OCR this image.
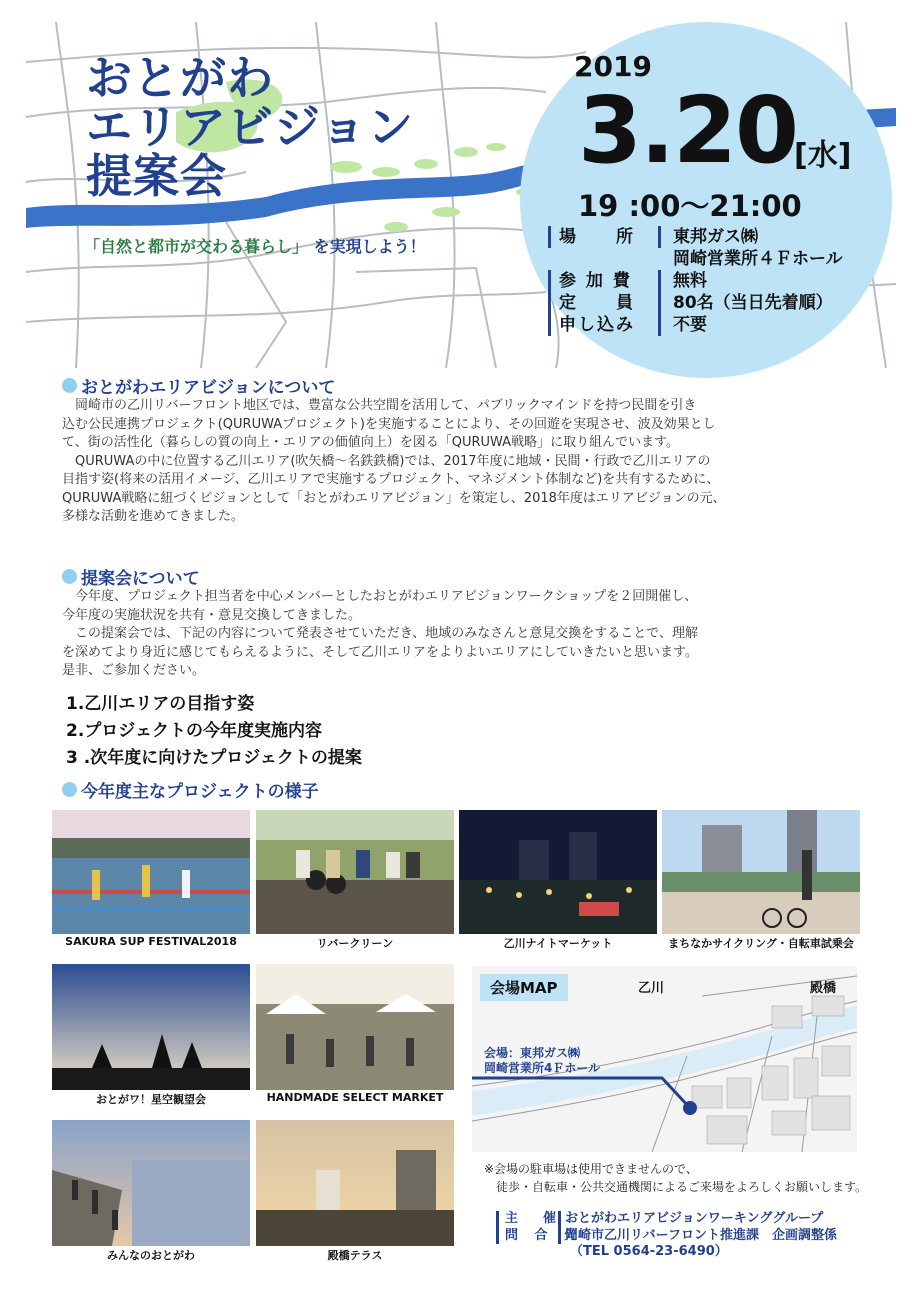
おとがわ
エリアビジョン
提案会
「自然と都市が交わる暮らし」 を実現しよう！
2019
3.20
[水]
19 :00～21:00
場　　所	東邦ガス㈱
岡崎営業所４Ｆホール
参 加 費	無料
定　　員	80名（当日先着順）
申し込み	不要
おとがわエリアビジョンについて

　岡崎市の乙川リバーフロント地区では、豊富な公共空間を活用して、パブリックマインドを持つ民間を引き

込む公民連携プロジェクト(QURUWAプロジェクト)を実施することにより、その回遊を実現させ、波及効果とし

て、街の活性化（暮らしの質の向上・エリアの価値向上）を図る「QURUWA戦略」に取り組んでいます。

　QURUWAの中に位置する乙川エリア(吹矢橋～名鉄鉄橋)では、2017年度に地域・民間・行政で乙川エリアの

目指す姿(将来の活用イメージ、乙川エリアで実施するプロジェクト、マネジメント体制など)を共有するために、

QURUWA戦略に紐づくビジョンとして「おとがわエリアビジョン」を策定し、2018年度はエリアビジョンの元、

多様な活動を進めてきました。

提案会について

　今年度、プロジェクト担当者を中心メンバーとしたおとがわエリアビジョンワークショップを２回開催し、

今年度の実施状況を共有・意見交換してきました。

　この提案会では、下記の内容について発表させていただき、地域のみなさんと意見交換をすることで、理解

を深めてより身近に感じてもらえるように、そして乙川エリアをよりよいエリアにしていきたいと思います。

是非、ご参加ください。

1.乙川エリアの目指す姿
2.プロジェクトの今年度実施内容
3 .次年度に向けたプロジェクトの提案
今年度主なプロジェクトの様子
SAKURA SUP FESTIVAL2018	リバークリーン	乙川ナイトマーケット	まちなかサイクリング・自転車試乗会
おとがワ！星空観望会	HANDMADE SELECT MARKET
みんなのおとがわ	殿橋テラス
会場MAP	乙川	殿橋
会場：東邦ガス㈱
岡崎営業所4Ｆホール
※会場の駐車場は使用できませんので、
　徒歩・自転車・公共交通機関によるご来場をよろしくお願いします。
主　催 おとがわエリアビジョンワーキンググループ
問 合 先
岡崎市乙川リバーフロント推進課　企画調整係
（TEL 0564-23-6490）
